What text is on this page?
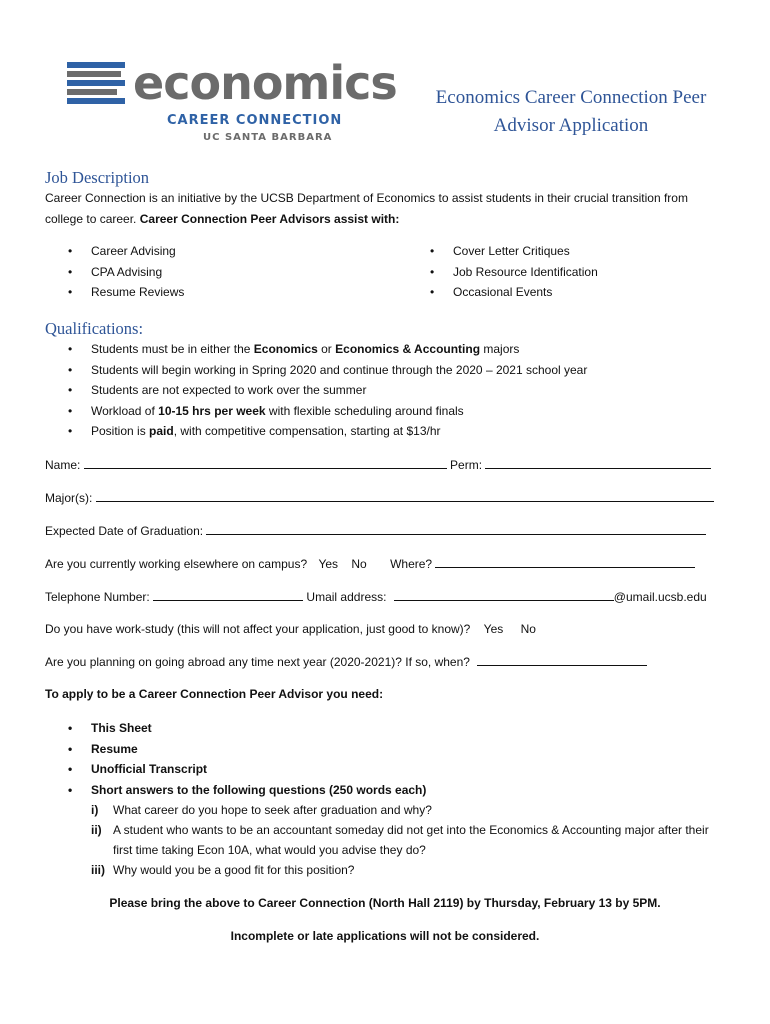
economics
CAREER CONNECTION
UC SANTA BARBARA
Economics Career Connection Peer
Advisor Application
Job Description
Career Connection is an initiative by the UCSB Department of Economics to assist students in their crucial transition from
college to career. Career Connection Peer Advisors assist with:
• Career Advising
• CPA Advising
• Resume Reviews
• Cover Letter Critiques
• Job Resource Identification
• Occasional Events
Qualifications:
• Students must be in either the Economics or Economics & Accounting majors
• Students will begin working in Spring 2020 and continue through the 2020 – 2021 school year
• Students are not expected to work over the summer
• Workload of 10-15 hrs per week with flexible scheduling around finals
• Position is paid, with competitive compensation, starting at $13/hr
Name:	Perm:
Major(s):
Expected Date of Graduation:
Are you currently working elsewhere on campus? Yes No Where?
Telephone Number:	Umail address:	@umail.ucsb.edu
Do you have work-study (this will not affect your application, just good to know)? Yes No
Are you planning on going abroad any time next year (2020-2021)? If so, when?
To apply to be a Career Connection Peer Advisor you need:
• This Sheet
• Resume
• Unofficial Transcript
• Short answers to the following questions (250 words each)
i) What career do you hope to seek after graduation and why?
ii) A student who wants to be an accountant someday did not get into the Economics & Accounting major after their first time taking Econ 10A, what would you advise they do?
iii) Why would you be a good fit for this position?
Please bring the above to Career Connection (North Hall 2119) by Thursday, February 13 by 5PM.
Incomplete or late applications will not be considered.
